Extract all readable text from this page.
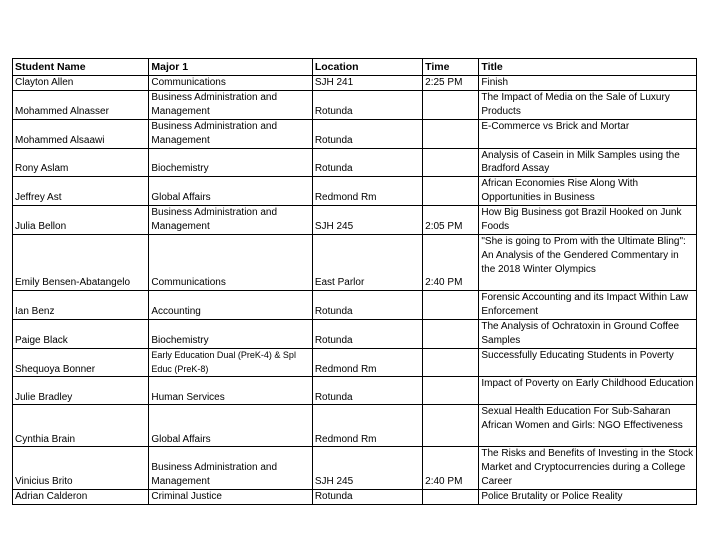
Student Name	Major 1	Location	Time	Title
Clayton Allen	Communications	SJH 241	2:25 PM	Finish
Mohammed Alnasser	Business Administration and Management	Rotunda		The Impact of Media on the Sale of Luxury Products
Mohammed Alsaawi	Business Administration and Management	Rotunda		E-Commerce vs Brick and Mortar
Rony Aslam	Biochemistry	Rotunda		Analysis of Casein in Milk Samples using the Bradford Assay
Jeffrey Ast	Global Affairs	Redmond Rm		African Economies Rise Along With Opportunities in Business
Julia Bellon	Business Administration and Management	SJH 245	2:05 PM	How Big Business got Brazil Hooked on Junk Foods
Emily Bensen-Abatangelo	Communications	East Parlor	2:40 PM	"She is going to Prom with the Ultimate Bling": An Analysis of the Gendered Commentary in the 2018 Winter Olympics
Ian Benz	Accounting	Rotunda		Forensic Accounting and its Impact Within Law Enforcement
Paige Black	Biochemistry	Rotunda		The Analysis of Ochratoxin in Ground Coffee Samples
Shequoya Bonner	Early Education Dual (PreK-4) & Spl Educ (PreK-8)	Redmond Rm		Successfully Educating Students in Poverty
Julie Bradley	Human Services	Rotunda		Impact of Poverty on Early Childhood Education
Cynthia Brain	Global Affairs	Redmond Rm		Sexual Health Education For Sub-Saharan African Women and Girls: NGO Effectiveness
Vinicius Brito	Business Administration and Management	SJH 245	2:40 PM	The Risks and Benefits of Investing in the Stock Market and Cryptocurrencies during a College Career
Adrian Calderon	Criminal Justice	Rotunda		Police Brutality or Police Reality
